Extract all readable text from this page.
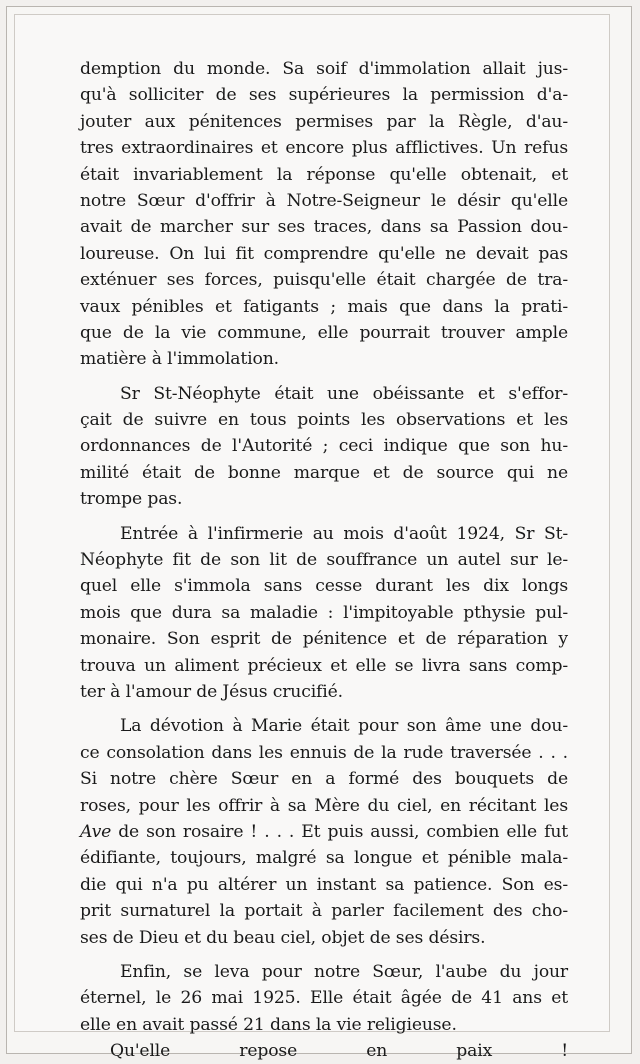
demption du monde. Sa soif d'immolation allait jus-
qu'à solliciter de ses supérieures la permission d'a-
jouter aux pénitences permises par la Règle, d'au-
tres extraordinaires et encore plus afflictives. Un refus
était invariablement la réponse qu'elle obtenait, et
notre Sœur d'offrir à Notre-Seigneur le désir qu'elle
avait de marcher sur ses traces, dans sa Passion dou-
loureuse. On lui fit comprendre qu'elle ne devait pas
exténuer ses forces, puisqu'elle était chargée de tra-
vaux pénibles et fatigants ; mais que dans la prati-
que de la vie commune, elle pourrait trouver ample
matière à l'immolation.
Sr St-Néophyte était une obéissante et s'effor-
çait de suivre en tous points les observations et les
ordonnances de l'Autorité ; ceci indique que son hu-
milité était de bonne marque et de source qui ne
trompe pas.
Entrée à l'infirmerie au mois d'août 1924, Sr St-
Néophyte fit de son lit de souffrance un autel sur le-
quel elle s'immola sans cesse durant les dix longs
mois que dura sa maladie : l'impitoyable pthysie pul-
monaire. Son esprit de pénitence et de réparation y
trouva un aliment précieux et elle se livra sans comp-
ter à l'amour de Jésus crucifié.
La dévotion à Marie était pour son âme une dou-
ce consolation dans les ennuis de la rude traversée . . .
Si notre chère Sœur en a formé des bouquets de
roses, pour les offrir à sa Mère du ciel, en récitant les
Ave de son rosaire ! . . . Et puis aussi, combien elle fut
édifiante, toujours, malgré sa longue et pénible mala-
die qui n'a pu altérer un instant sa patience. Son es-
prit surnaturel la portait à parler facilement des cho-
ses de Dieu et du beau ciel, objet de ses désirs.
Enfin, se leva pour notre Sœur, l'aube du jour
éternel, le 26 mai 1925. Elle était âgée de 41 ans et
elle en avait passé 21 dans la vie religieuse.
Qu'elle repose en paix !
